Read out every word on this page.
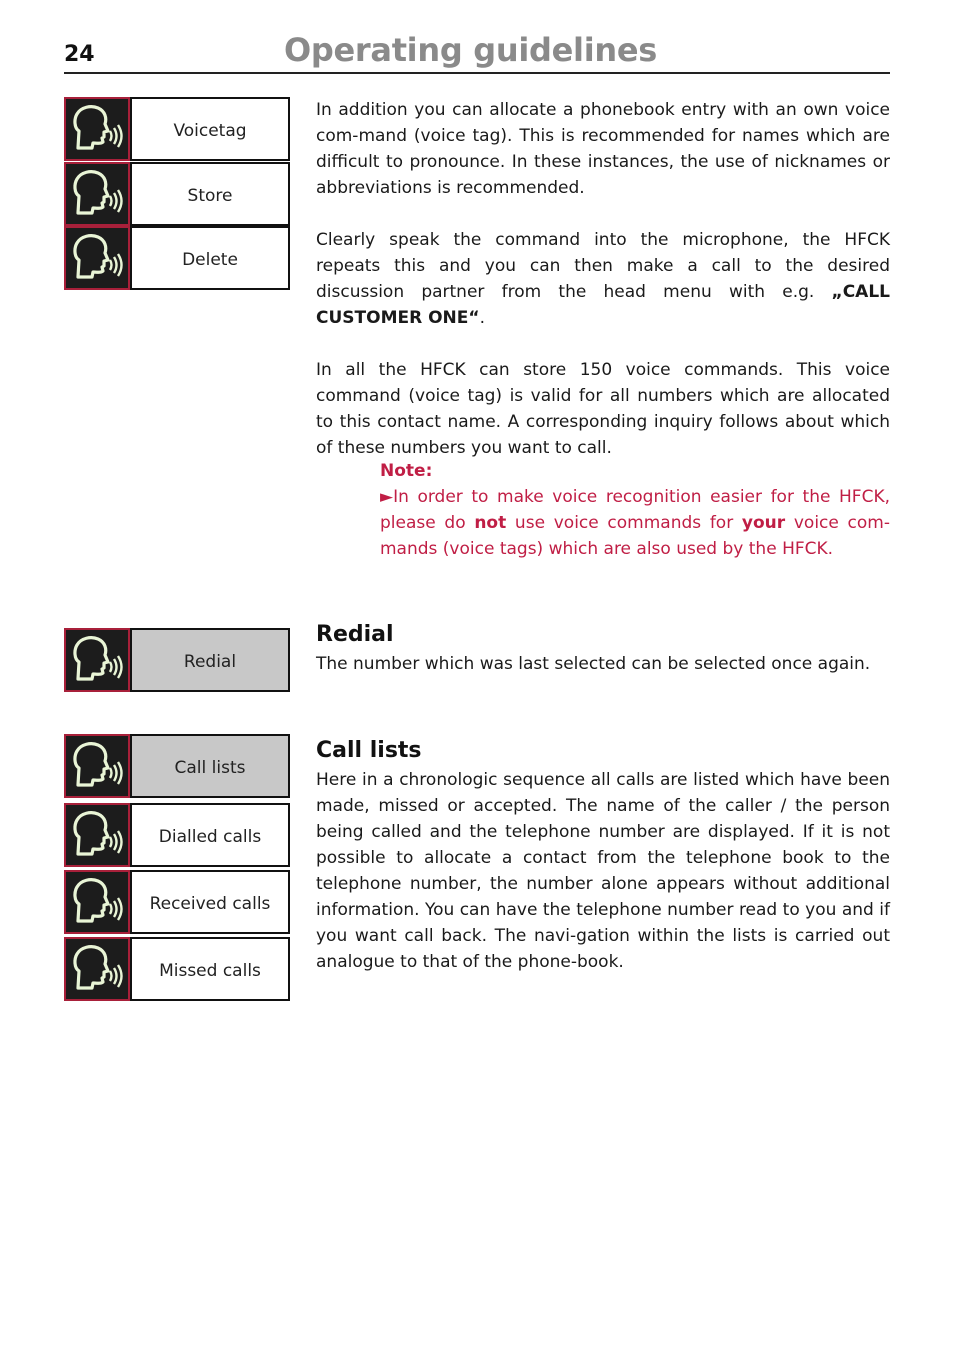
24	Operating guidelines
Voicetag
Store
Delete
Redial
Call lists
Dialled calls
Received calls
Missed calls

In addition you can allocate a phonebook entry with an own voice com-mand (voice tag). This is recommended for names which are difficult to pronounce. In these instances, the use of nicknames or abbreviations is recommended.

Clearly speak the command into the microphone, the HFCK repeats this and you can then make a call to the desired discussion partner from the head menu with e.g. „CALL CUSTOMER ONE“.

In all the HFCK can store 150 voice commands. This voice command (voice tag) is valid for all numbers which are allocated to this contact name. A corresponding inquiry follows about which of these numbers you want to call.

Note:
►In order to make voice recognition easier for the HFCK, please do not use voice commands for your voice com-mands (voice tags) which are also used by the HFCK.
Redial
The number which was last selected can be selected once again.
Call lists
Here in a chronologic sequence all calls are listed which have been made, missed or accepted. The name of the caller / the person being called and the telephone number are displayed. If it is not possible to allocate a contact from the telephone book to the telephone number, the number alone appears without additional information. You can have the telephone number read to you and if you want call back. The navi-gation within the lists is carried out analogue to that of the phone-book.
